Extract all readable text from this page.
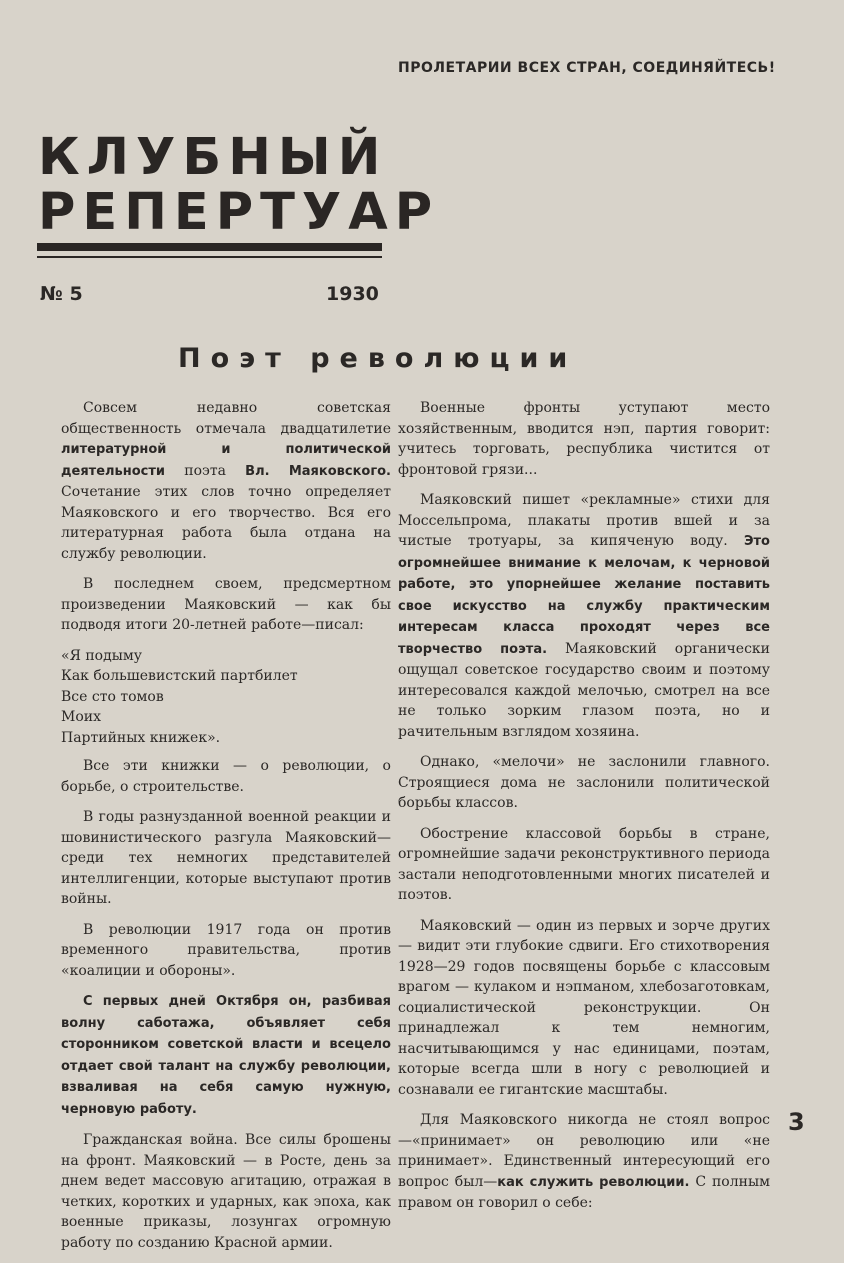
ПРОЛЕТАРИИ ВСЕХ СТРАН, СОЕДИНЯЙТЕСЬ!
КЛУБНЫЙ
РЕПЕРТУАР
№ 5	1930
Поэт революции

Совсем недавно советская общественность отмечала двадцатилетие литературной и политической деятельности поэта Вл. Маяковского. Сочетание этих слов точно определяет Маяковского и его творчество. Вся его литературная работа была отдана на службу революции.

В последнем своем, предсмертном произведении Маяковский — как бы подводя итоги 20-летней работе—писал:

«Я подыму
Как большевистский партбилет
Все сто томов
Моих
Партийных книжек».

Все эти книжки — о революции, о борьбе, о строительстве.

В годы разнузданной военной реакции и шовинистического разгула Маяковский—среди тех немногих представителей интеллигенции, которые выступают против войны.

В революции 1917 года он против временного правительства, против «коалиции и обороны».

С первых дней Октября он, разбивая волну саботажа, объявляет себя сторонником советской власти и всецело отдает свой талант на службу революции, взваливая на себя самую нужную, черновую работу.

Гражданская война. Все силы брошены на фронт. Маяковский — в Росте, день за днем ведет массовую агитацию, отражая в четких, коротких и ударных, как эпоха, как военные приказы, лозунгах огромную работу по созданию Красной армии.

Военные фронты уступают место хозяйственным, вводится нэп, партия говорит: учитесь торговать, республика чистится от фронтовой грязи...

Маяковский пишет «рекламные» стихи для Моссельпрома, плакаты против вшей и за чистые тротуары, за кипяченую воду. Это огромнейшее внимание к мелочам, к черновой работе, это упорнейшее желание поставить свое искусство на службу практическим интересам класса проходят через все творчество поэта. Маяковский органически ощущал советское государство своим и поэтому интересовался каждой мелочью, смотрел на все не только зорким глазом поэта, но и рачительным взглядом хозяина.

Однако, «мелочи» не заслонили главного. Строящиеся дома не заслонили политической борьбы классов.

Обострение классовой борьбы в стране, огромнейшие задачи реконструктивного периода застали неподготовленными многих писателей и поэтов.

Маяковский — один из первых и зорче других — видит эти глубокие сдвиги. Его стихотворения 1928—29 годов посвящены борьбе с классовым врагом — кулаком и нэпманом, хлебозаготовкам, социалистической реконструкции. Он принадлежал к тем немногим, насчитывающимся у нас единицами, поэтам, которые всегда шли в ногу с революцией и сознавали ее гигантские масштабы.

Для Маяковского никогда не стоял вопрос—«принимает» он революцию или «не принимает». Единственный интересующий его вопрос был—как служить революции. С полным правом он говорил о себе:

3
